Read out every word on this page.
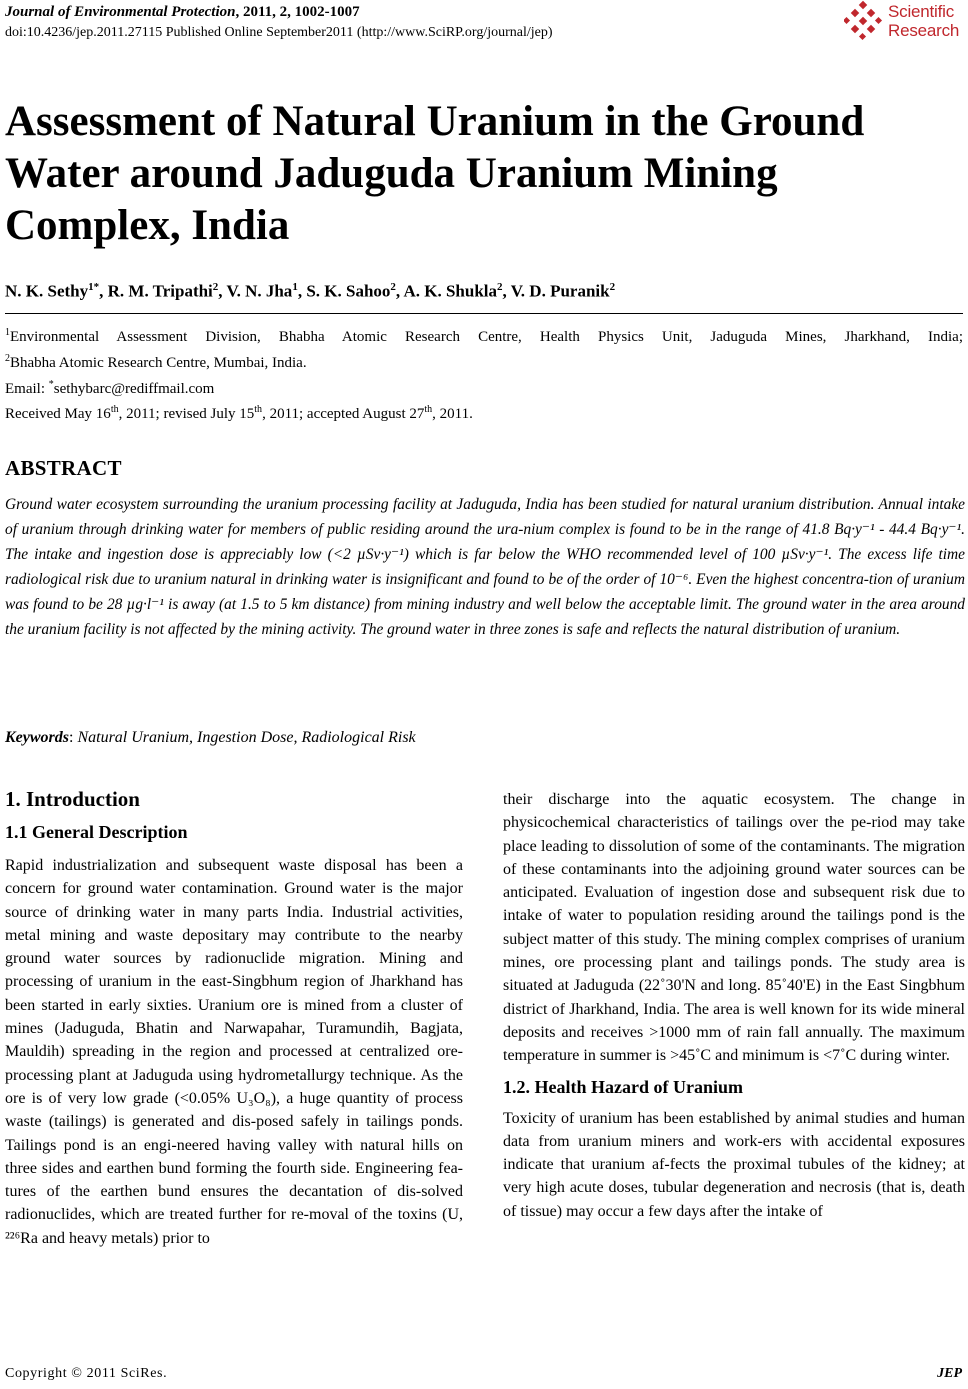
Journal of Environmental Protection, 2011, 2, 1002-1007
doi:10.4236/jep.2011.27115 Published Online September2011 (http://www.SciRP.org/journal/jep)
Scientific
Research
Assessment of Natural Uranium in the Ground Water around Jaduguda Uranium Mining Complex, India
N. K. Sethy$^{1*}$, R. M. Tripathi$^2$, V. N. Jha$^1$, S. K. Sahoo$^2$, A. K. Shukla$^2$, V. D. Puranik$^2$
$^1$Environmental Assessment Division, Bhabha Atomic Research Centre, Health Physics Unit, Jaduguda Mines, Jharkhand, India;
$^2$Bhabha Atomic Research Centre, Mumbai, India.
Email: *sethybarc@rediffmail.com
Received May 16th, 2011; revised July 15th, 2011; accepted August 27th, 2011.
ABSTRACT

Ground water ecosystem surrounding the uranium processing facility at Jaduguda, India has been studied for natural uranium distribution. Annual intake of uranium through drinking water for members of public residing around the ura-nium complex is found to be in the range of 41.8 Bq·y⁻¹ - 44.4 Bq·y⁻¹. The intake and ingestion dose is appreciably low (<2 µSv·y⁻¹) which is far below the WHO recommended level of 100 µSv·y⁻¹. The excess life time radiological risk due to uranium natural in drinking water is insignificant and found to be of the order of 10⁻⁶. Even the highest concentra-tion of uranium was found to be 28 µg·l⁻¹ is away (at 1.5 to 5 km distance) from mining industry and well below the acceptable limit. The ground water in the area around the uranium facility is not affected by the mining activity. The ground water in three zones is safe and reflects the natural distribution of uranium.

Keywords: Natural Uranium, Ingestion Dose, Radiological Risk
1. Introduction
1.1 General Description

Rapid industrialization and subsequent waste disposal has been a concern for ground water contamination. Ground water is the major source of drinking water in many parts India. Industrial activities, metal mining and waste depositary may contribute to the nearby ground water sources by radionuclide migration. Mining and processing of uranium in the east-Singbhum region of Jharkhand has been started in early sixties. Uranium ore is mined from a cluster of mines (Jaduguda, Bhatin and Narwapahar, Turamundih, Bagjata, Mauldih) spreading in the region and processed at centralized ore-processing plant at Jaduguda using hydrometallurgy technique. As the ore is of very low grade (<0.05% U₃O₈), a huge quantity of process waste (tailings) is generated and dis-posed safely in tailings ponds. Tailings pond is an engi-neered having valley with natural hills on three sides and earthen bund forming the fourth side. Engineering fea-tures of the earthen bund ensures the decantation of dis-solved radionuclides, which are treated further for re-moval of the toxins (U, ²²⁶Ra and heavy metals) prior to

their discharge into the aquatic ecosystem. The change in physicochemical characteristics of tailings over the pe-riod may take place leading to dissolution of some of the contaminants. The migration of these contaminants into the adjoining ground water sources can be anticipated. Evaluation of ingestion dose and subsequent risk due to intake of water to population residing around the tailings pond is the subject matter of this study. The mining complex comprises of uranium mines, ore processing plant and tailings ponds. The study area is situated at Jaduguda (22˚30'N and long. 85˚40'E) in the East Singbhum district of Jharkhand, India. The area is well known for its wide mineral deposits and receives >1000 mm of rain fall annually. The maximum temperature in summer is >45˚C and minimum is <7˚C during winter.

1.2. Health Hazard of Uranium

Toxicity of uranium has been established by animal studies and human data from uranium miners and work-ers with accidental exposures indicate that uranium af-fects the proximal tubules of the kidney; at very high acute doses, tubular degeneration and necrosis (that is, death of tissue) may occur a few days after the intake of

Copyright © 2011 SciRes.	JEP
